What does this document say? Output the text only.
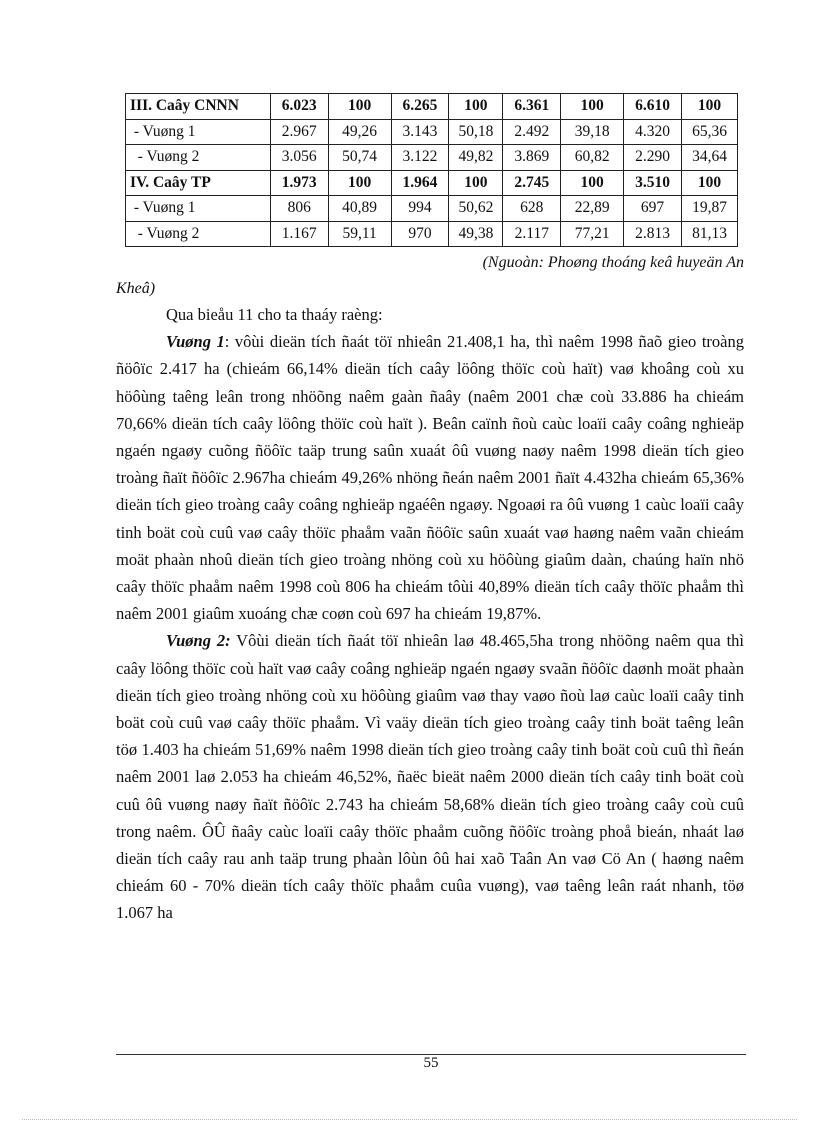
III. Caây CNNN	6.023	100	6.265	100	6.361	100	6.610	100
- Vuøng 1	2.967	49,26	3.143	50,18	2.492	39,18	4.320	65,36
- Vuøng 2	3.056	50,74	3.122	49,82	3.869	60,82	2.290	34,64
IV. Caây TP	1.973	100	1.964	100	2.745	100	3.510	100
- Vuøng 1	806	40,89	994	50,62	628	22,89	697	19,87
- Vuøng 2	1.167	59,11	970	49,38	2.117	77,21	2.813	81,13
(Nguoàn: Phoøng thoáng keâ huyeän An
Kheâ)

Qua bieåu 11 cho ta thaáy raèng:

Vuøng 1: vôùi dieän tích ñaát töï nhieân 21.408,1 ha, thì naêm 1998 ñaõ gieo troàng ñöôïc 2.417 ha (chieám 66,14% dieän tích caây löông thöïc coù haït) vaø khoâng coù xu höôùng taêng leân trong nhöõng naêm gaàn ñaây (naêm 2001 chæ coù 33.886 ha chieám 70,66% dieän tích caây löông thöïc coù haït ). Beân caïnh ñoù caùc loaïi caây coâng nghieäp ngaén ngaøy cuõng ñöôïc taäp trung saûn xuaát ôû vuøng naøy naêm 1998 dieän tích gieo troàng ñaït ñöôïc 2.967ha chieám 49,26% nhöng ñeán naêm 2001 ñaït 4.432ha chieám 65,36% dieän tích gieo troàng caây coâng nghieäp ngaéên ngaøy. Ngoaøi ra ôû vuøng 1 caùc loaïi caây tinh boät coù cuû vaø caây thöïc phaåm vaãn ñöôïc saûn xuaát vaø haøng naêm vaãn chieám moät phaàn nhoû dieän tích gieo troàng nhöng coù xu höôùng giaûm daàn, chaúng haïn nhö caây thöïc phaåm naêm 1998 coù 806 ha chieám tôùi 40,89% dieän tích caây thöïc phaåm thì naêm 2001 giaûm xuoáng chæ coøn coù 697 ha chieám 19,87%.

Vuøng 2: Vôùi dieän tích ñaát töï nhieân laø 48.465,5ha trong nhöõng naêm qua thì caây löông thöïc coù haït vaø caây coâng nghieäp ngaén ngaøy svaãn ñöôïc daønh moät phaàn dieän tích gieo troàng nhöng coù xu höôùng giaûm vaø thay vaøo ñoù laø caùc loaïi caây tinh boät coù cuû vaø caây thöïc phaåm. Vì vaäy dieän tích gieo troàng caây tinh boät taêng leân töø 1.403 ha chieám 51,69% naêm 1998 dieän tích gieo troàng caây tinh boät coù cuû thì ñeán naêm 2001 laø 2.053 ha chieám 46,52%, ñaëc bieät naêm 2000 dieän tích caây tinh boät coù cuû ôû vuøng naøy ñaït ñöôïc 2.743 ha chieám 58,68% dieän tích gieo troàng caây coù cuû trong naêm. ÔÛ ñaây caùc loaïi caây thöïc phaåm cuõng ñöôïc troàng phoå bieán, nhaát laø dieän tích caây rau anh taäp trung phaàn lôùn ôû hai xaõ Taân An vaø Cö An ( haøng naêm chieám 60 - 70% dieän tích caây thöïc phaåm cuûa vuøng), vaø taêng leân raát nhanh, töø 1.067 ha

55
